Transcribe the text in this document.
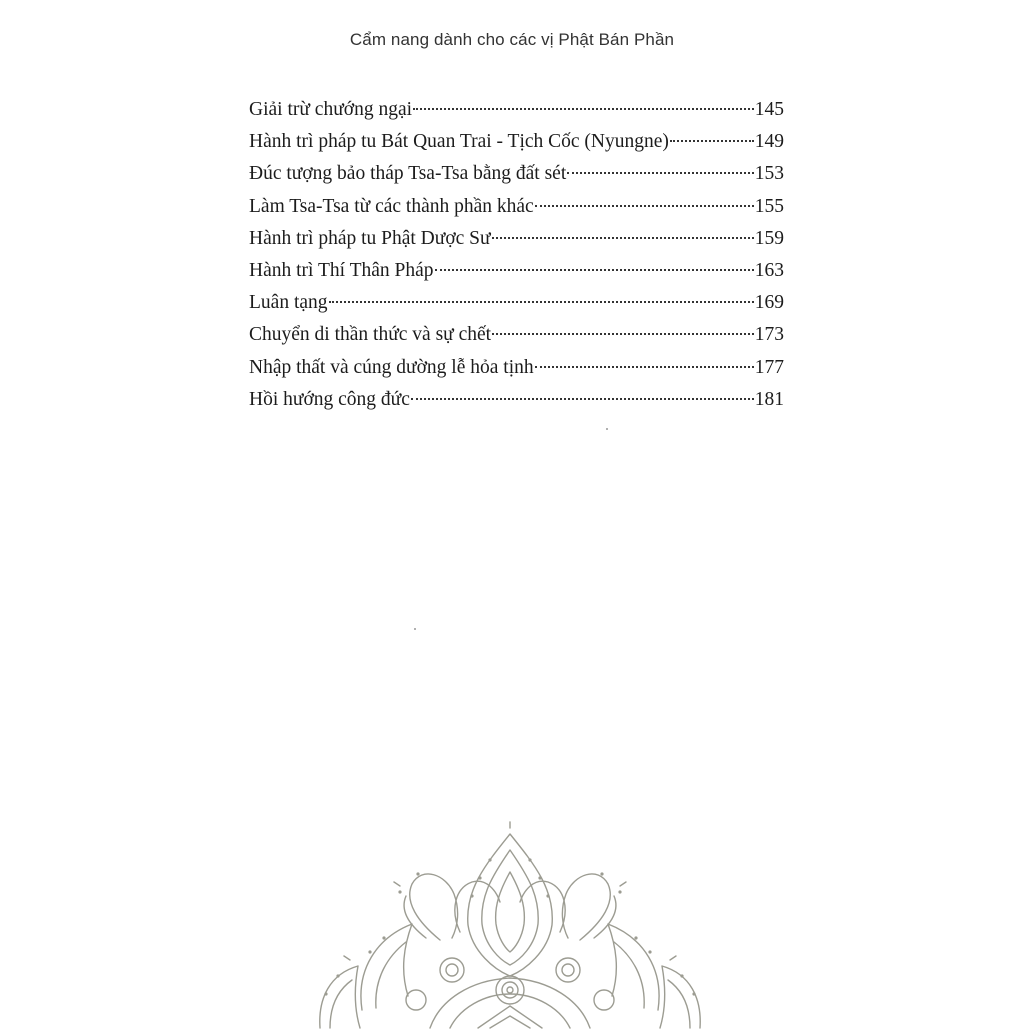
Cẩm nang dành cho các vị Phật Bán Phần
Giải trừ chướng ngại	145
Hành trì pháp tu Bát Quan Trai - Tịch Cốc (Nyungne)	149
Đúc tượng bảo tháp Tsa-Tsa bằng đất sét	153
Làm Tsa-Tsa từ các thành phần khác	155
Hành trì pháp tu Phật Dược Sư	159
Hành trì Thí Thân Pháp	163
Luân tạng	169
Chuyển di thần thức và sự chết	173
Nhập thất và cúng dường lễ hỏa tịnh	177
Hồi hướng công đức	181
